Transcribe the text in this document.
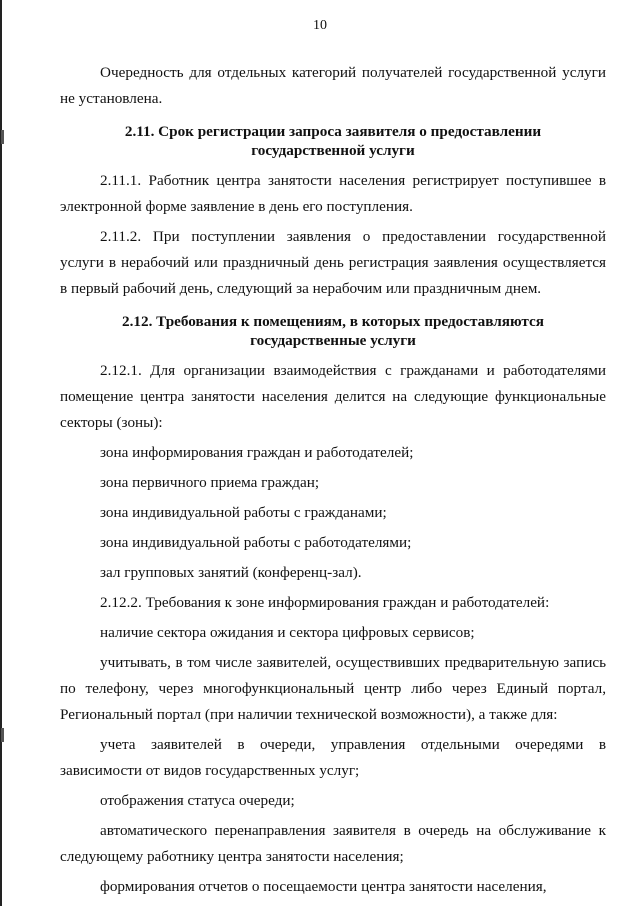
10

Очередность для отдельных категорий получателей государственной услуги не установлена.

2.11. Срок регистрации запроса заявителя о предоставлении государственной услуги

2.11.1. Работник центра занятости населения регистрирует поступившее в электронной форме заявление в день его поступления.

2.11.2. При поступлении заявления о предоставлении государственной услуги в нерабочий или праздничный день регистрация заявления осуществляется в первый рабочий день, следующий за нерабочим или праздничным днем.

2.12. Требования к помещениям, в которых предоставляются государственные услуги

2.12.1. Для организации взаимодействия с гражданами и работодателями помещение центра занятости населения делится на следующие функциональные секторы (зоны):

зона информирования граждан и работодателей;

зона первичного приема граждан;

зона индивидуальной работы с гражданами;

зона индивидуальной работы с работодателями;

зал групповых занятий (конференц-зал).

2.12.2. Требования к зоне информирования граждан и работодателей:

наличие сектора ожидания и сектора цифровых сервисов;

учитывать, в том числе заявителей, осуществивших предварительную запись по телефону, через многофункциональный центр либо через Единый портал, Региональный портал (при наличии технической возможности), а также для:

учета заявителей в очереди, управления отдельными очередями в зависимости от видов государственных услуг;

отображения статуса очереди;

автоматического перенаправления заявителя в очередь на обслуживание к следующему работнику центра занятости населения;

формирования отчетов о посещаемости центра занятости населения,
